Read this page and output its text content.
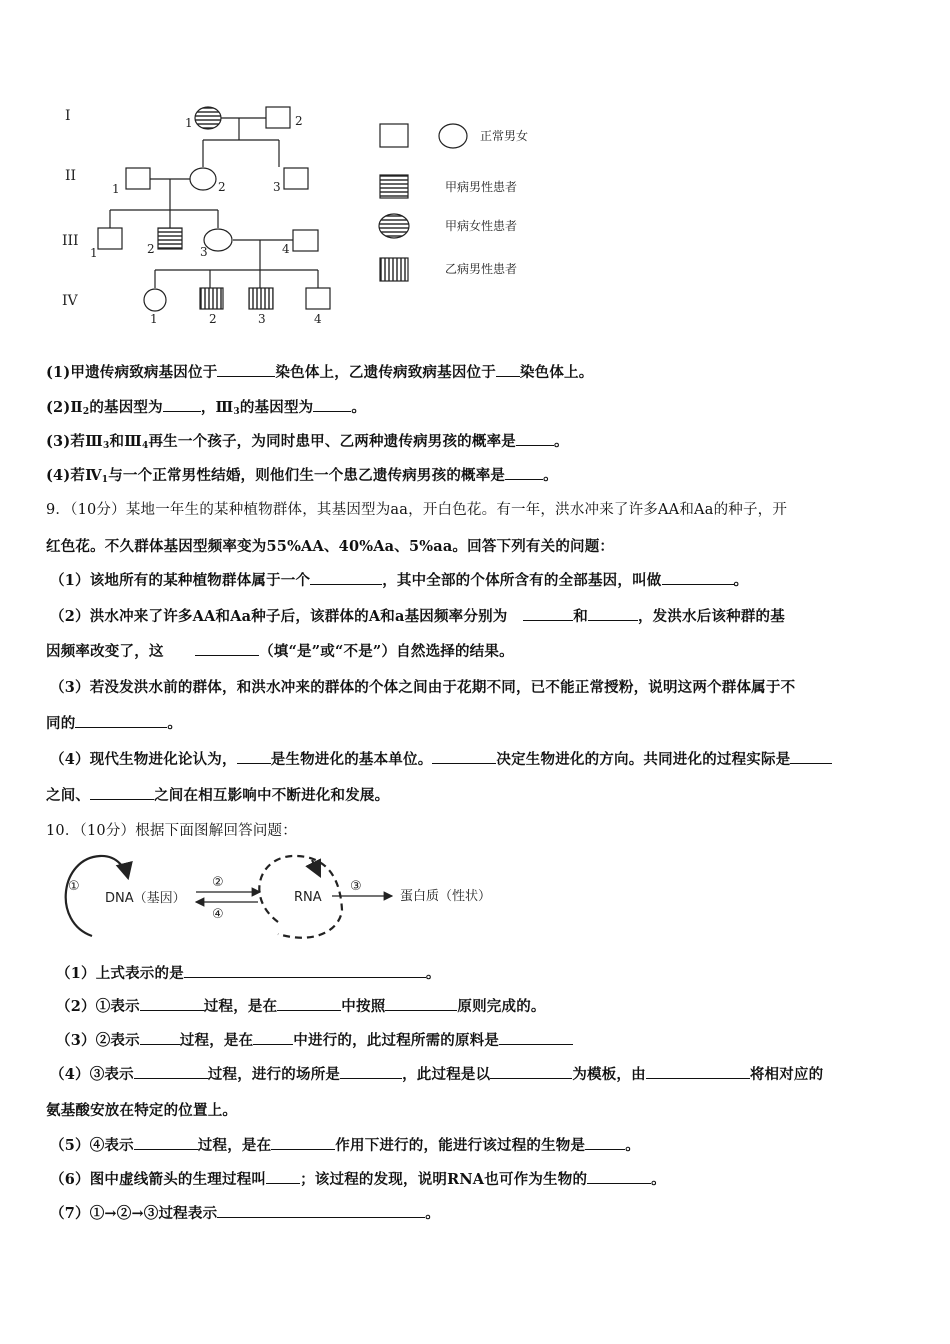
I
II
III
IV
1	2
1	2	3
1	2	3	4
1	2	3	4
正常男女
甲病男性患者
甲病女性患者
乙病男性患者
(1)甲遗传病致病基因位于	染色体上，乙遗传病致病基因位于 染色体上。
$(2)Ⅱ_2$的基因型为	，$Ⅲ_3$的基因型为	。
(3)若$Ⅲ_3$和$Ⅲ_4$再生一个孩子，为同时患甲、乙两种遗传病男孩的概率是	。
(4)若$Ⅳ_1$与一个正常男性结婚，则他们生一个患乙遗传病男孩的概率是	。
9．（10分）某地一年生的某种植物群体，其基因型为aa，开白色花。有一年，洪水冲来了许多AA和Aa的种子，开
红色花。不久群体基因型频率变为55%AA、40%Aa、5%aa。回答下列有关的问题：
（1）该地所有的某种植物群体属于一个	，其中全部的个体所含有的全部基因，叫做	。
（2）洪水冲来了许多AA和Aa种子后，该群体的A和a基因频率分别为	和	，发洪水后该种群的基
因频率改变了，这	（填“是”或“不是”）自然选择的结果。
（3）若没发洪水前的群体，和洪水冲来的群体的个体之间由于花期不同，已不能正常授粉，说明这两个群体属于不
同的	。
（4）现代生物进化论认为， 是生物进化的基本单位。	决定生物进化的方向。共同进化的过程实际是
之间、	之间在相互影响中不断进化和发展。
10．（10分）根据下面图解回答问题：
①
DNA（基因）
②
④
RNA
③
蛋白质（性状）
（1）上式表示的是	。
（2）①表示	过程，是在	中按照	原则完成的。
（3）②表示	过程，是在	中进行的，此过程所需的原料是
（4）③表示	过程，进行的场所是	，此过程是以	为模板，由	将相对应的
氨基酸安放在特定的位置上。
（5）④表示	过程，是在	作用下进行的，能进行该过程的生物是	。
（6）图中虚线箭头的生理过程叫 ；该过程的发现，说明RNA也可作为生物的	。
（7）①→②→③过程表示	。
